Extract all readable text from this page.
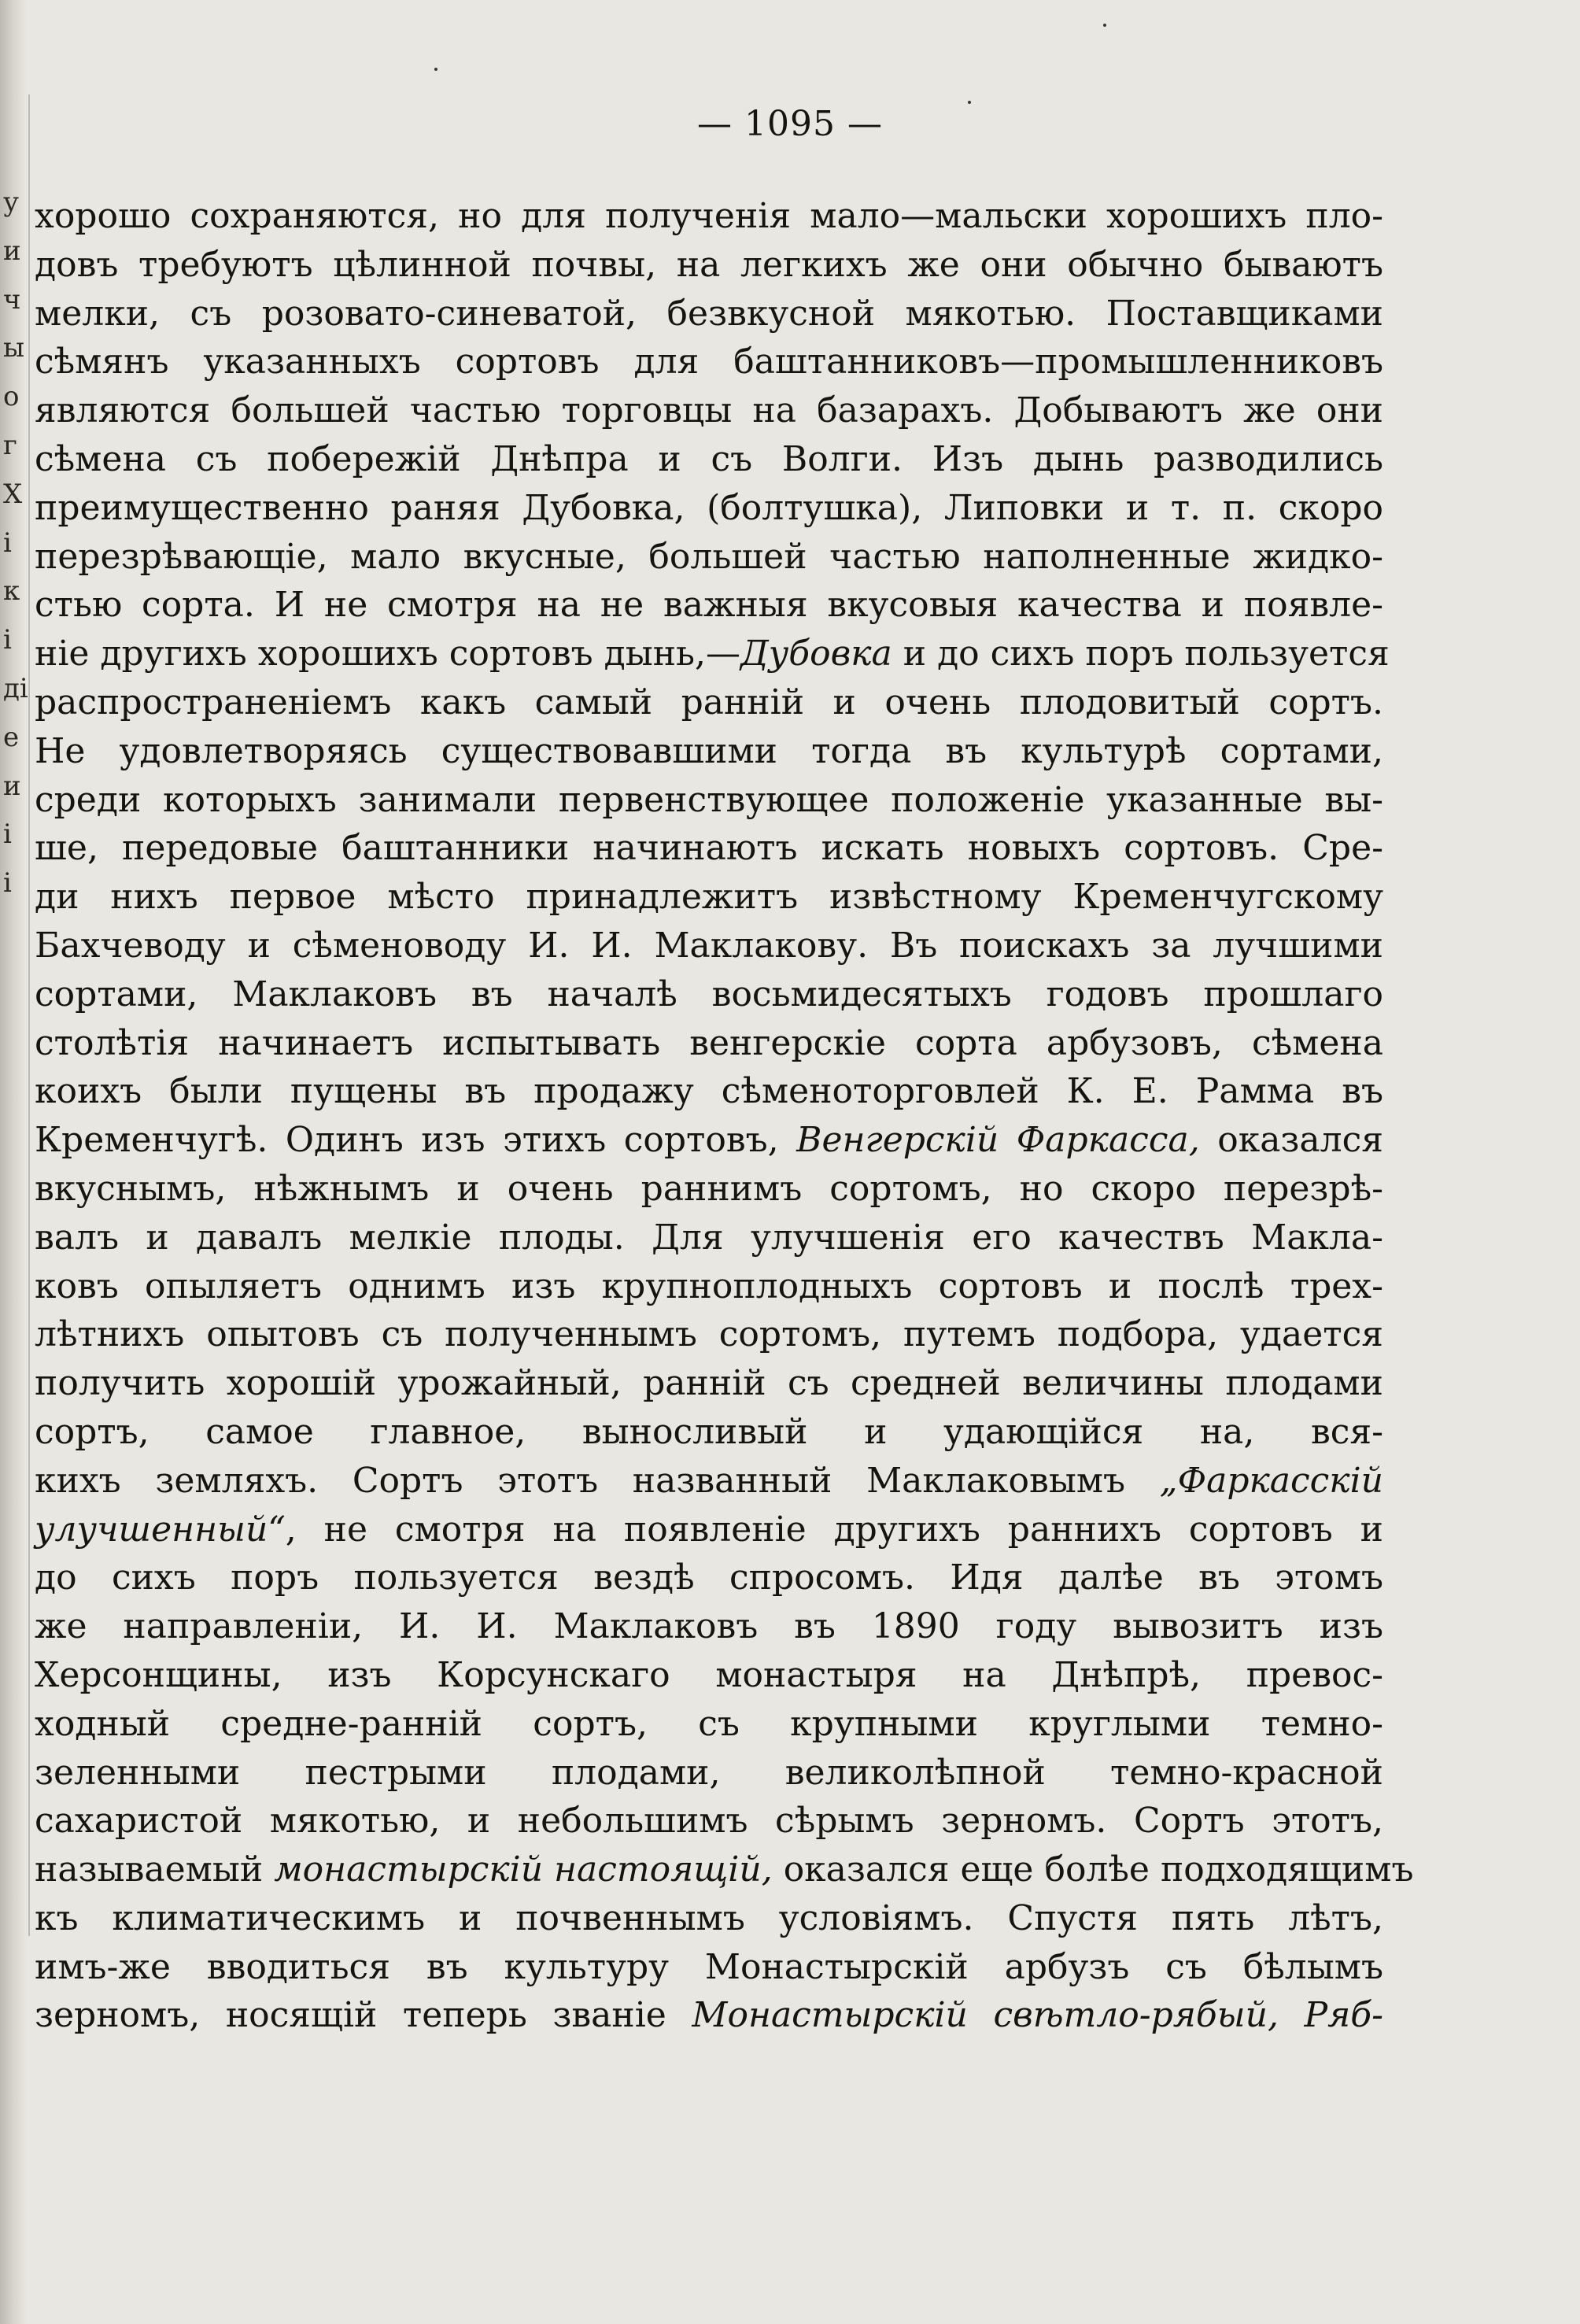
у
и
ч
ы
о
г
Х
і
к
і
ді
е
и
і
і
— 1095 —
хорошо сохраняются, но для полученія мало—мальски хорошихъ пло-
довъ требуютъ цѣлинной почвы, на легкихъ же они обычно бываютъ
мелки, съ розовато-синеватой, безвкусной мякотью. Поставщиками
сѣмянъ указанныхъ сортовъ для баштанниковъ—промышленниковъ
являются большей частью торговцы на базарахъ. Добываютъ же они
сѣмена съ побережій Днѣпра и съ Волги. Изъ дынь разводились
преимущественно раняя Дубовка, (болтушка), Липовки и т. п. скоро
перезрѣвающіе, мало вкусные, большей частью наполненные жидко-
стью сорта. И не смотря на не важныя вкусовыя качества и появле-
ніе другихъ хорошихъ сортовъ дынь,—Дубовка и до сихъ поръ пользуется
распространеніемъ какъ самый ранній и очень плодовитый сортъ.
Не удовлетворяясь существовавшими тогда въ культурѣ сортами,
среди которыхъ занимали первенствующее положеніе указанные вы-
ше, передовые баштанники начинаютъ искать новыхъ сортовъ. Сре-
ди нихъ первое мѣсто принадлежитъ извѣстному Кременчугскому
Бахчеводу и сѣменоводу И. И. Маклакову. Въ поискахъ за лучшими
сортами, Маклаковъ въ началѣ восьмидесятыхъ годовъ прошлаго
столѣтія начинаетъ испытывать венгерскіе сорта арбузовъ, сѣмена
коихъ были пущены въ продажу сѣменоторговлей К. Е. Рамма въ
Кременчугѣ. Одинъ изъ этихъ сортовъ, Венгерскій Фаркасса, оказался
вкуснымъ, нѣжнымъ и очень раннимъ сортомъ, но скоро перезрѣ-
валъ и давалъ мелкіе плоды. Для улучшенія его качествъ Макла-
ковъ опыляетъ однимъ изъ крупноплодныхъ сортовъ и послѣ трех-
лѣтнихъ опытовъ съ полученнымъ сортомъ, путемъ подбора, удается
получить хорошій урожайный, ранній съ средней величины плодами
сортъ, самое главное, выносливый и удающійся на, вся-
кихъ земляхъ. Сортъ этотъ названный Маклаковымъ „Фаркасскій
улучшенный“, не смотря на появленіе другихъ раннихъ сортовъ и
до сихъ поръ пользуется вездѣ спросомъ. Идя далѣе въ этомъ
же направленіи, И. И. Маклаковъ въ 1890 году вывозитъ изъ
Херсонщины, изъ Корсунскаго монастыря на Днѣпрѣ, превос-
ходный средне-ранній сортъ, съ крупными круглыми темно-
зеленными пестрыми плодами, великолѣпной темно-красной
сахаристой мякотью, и небольшимъ сѣрымъ зерномъ. Сортъ этотъ,
называемый монастырскій настоящій, оказался еще болѣе подходящимъ
къ климатическимъ и почвеннымъ условіямъ. Спустя пять лѣтъ,
имъ-же вводиться въ культуру Монастырскій арбузъ съ бѣлымъ
зерномъ, носящій теперь званіе Монастырскій свѣтло-рябый, Ряб-
